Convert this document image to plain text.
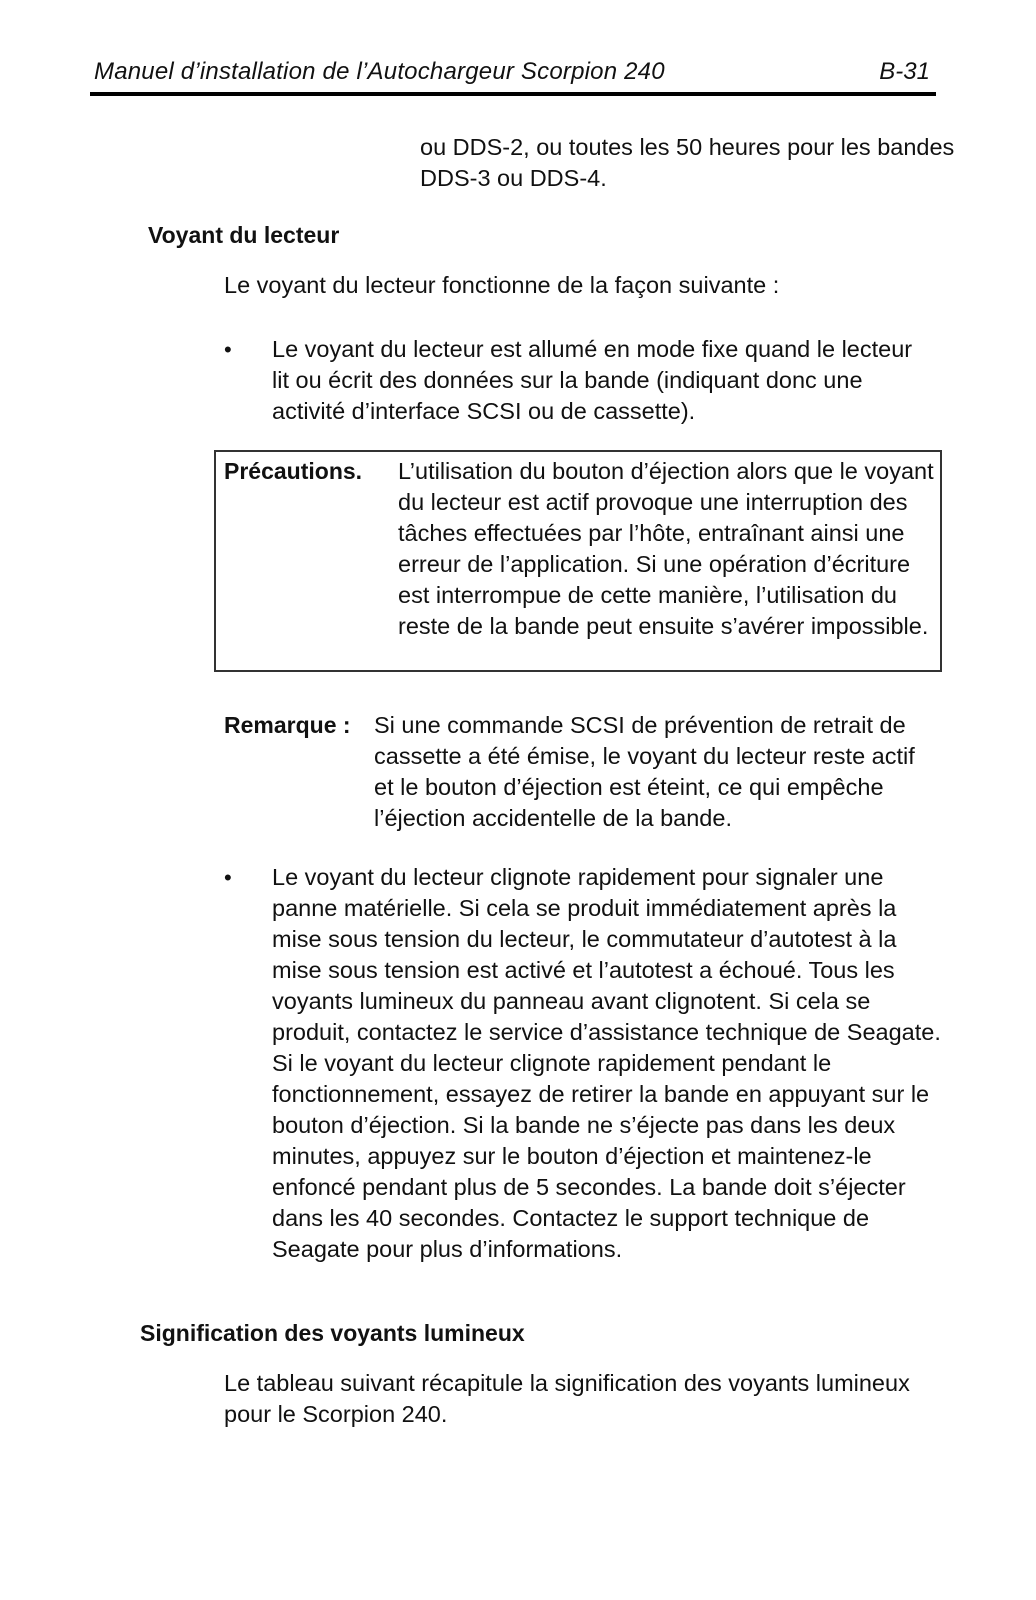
Manuel d’installation de l’Autochargeur Scorpion 240	B-31

ou DDS-2, ou toutes les 50 heures pour les bandes DDS-3 ou DDS-4.

Voyant du lecteur

Le voyant du lecteur fonctionne de la façon suivante :

•	Le voyant du lecteur est allumé en mode fixe quand le lecteur lit ou écrit des données sur la bande (indiquant donc une activité d’interface SCSI ou de cassette).
Précautions. L’utilisation du bouton d’éjection alors que le voyant du lecteur est actif provoque une interruption des tâches effectuées par l’hôte, entraînant ainsi une erreur de l’application. Si une opération d’écriture est interrompue de cette manière, l’utilisation du reste de la bande peut ensuite s’avérer impossible.
Remarque : Si une commande SCSI de prévention de retrait de cassette a été émise, le voyant du lecteur reste actif et le bouton d’éjection est éteint, ce qui empêche l’éjection accidentelle de la bande.
•	Le voyant du lecteur clignote rapidement pour signaler une panne matérielle. Si cela se produit immédiatement après la mise sous tension du lecteur, le commutateur d’autotest à la mise sous tension est activé et l’autotest a échoué. Tous les voyants lumineux du panneau avant clignotent. Si cela se produit, contactez le service d’assistance technique de Seagate. Si le voyant du lecteur clignote rapidement pendant le fonctionnement, essayez de retirer la bande en appuyant sur le bouton d’éjection. Si la bande ne s’éjecte pas dans les deux minutes, appuyez sur le bouton d’éjection et maintenez-le enfoncé pendant plus de 5 secondes. La bande doit s’éjecter dans les 40 secondes. Contactez le support technique de Seagate pour plus d’informations.
Signification des voyants lumineux

Le tableau suivant récapitule la signification des voyants lumineux pour le Scorpion 240.
